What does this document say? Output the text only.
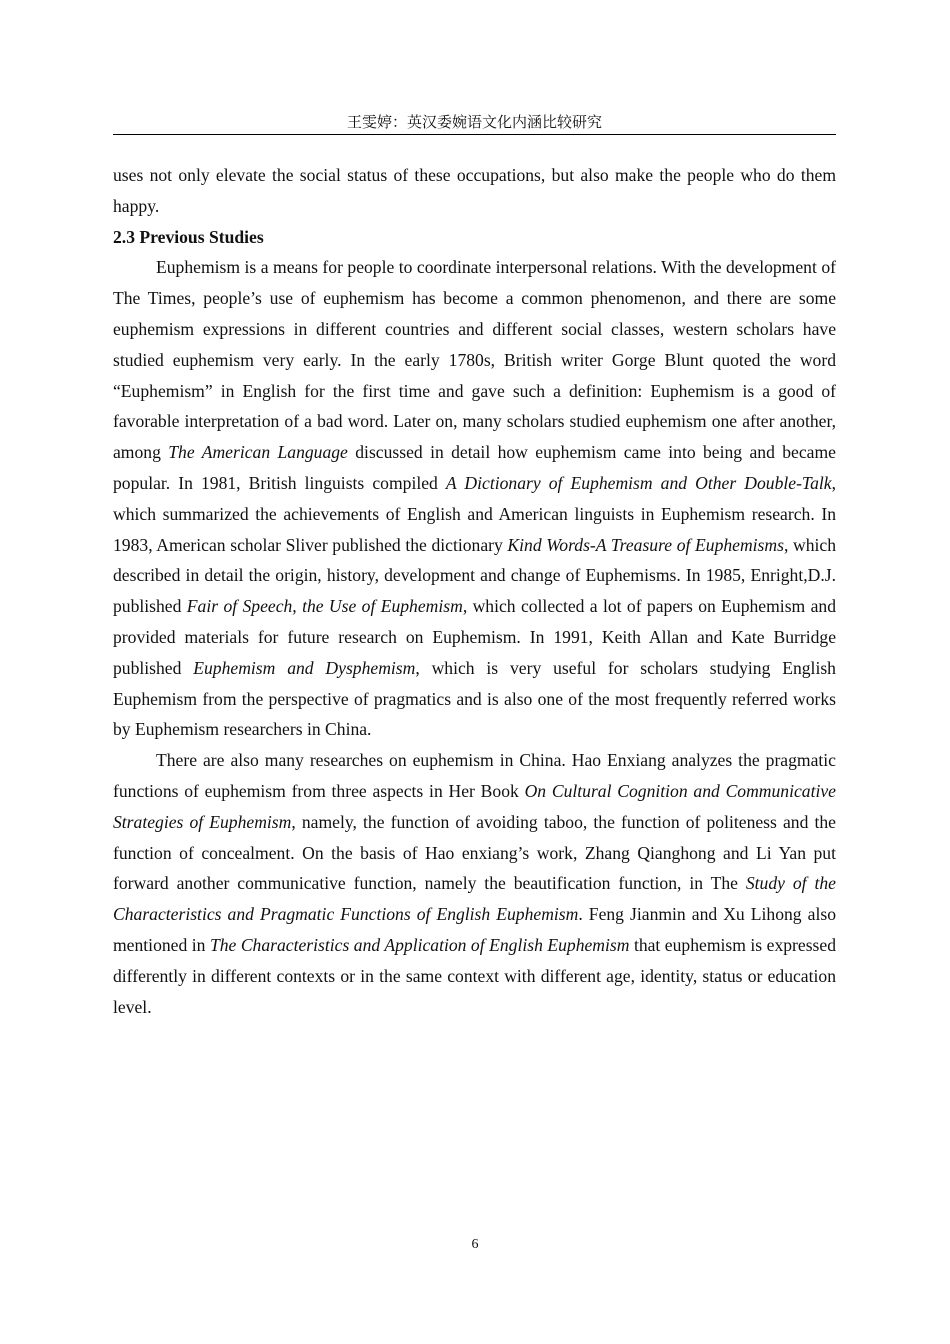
王雯婷：英汉委婉语文化内涵比较研究

uses not only elevate the social status of these occupations, but also make the people who do them happy.

2.3 Previous Studies

Euphemism is a means for people to coordinate interpersonal relations. With the development of The Times, people’s use of euphemism has become a common phenomenon, and there are some euphemism expressions in different countries and different social classes, western scholars have studied euphemism very early. In the early 1780s, British writer Gorge Blunt quoted the word “Euphemism” in English for the first time and gave such a definition: Euphemism is a good of favorable interpretation of a bad word. Later on, many scholars studied euphemism one after another, among The American Language discussed in detail how euphemism came into being and became popular. In 1981, British linguists compiled A Dictionary of Euphemism and Other Double-Talk, which summarized the achievements of English and American linguists in Euphemism research. In 1983, American scholar Sliver published the dictionary Kind Words-A Treasure of Euphemisms, which described in detail the origin, history, development and change of Euphemisms. In 1985, Enright,D.J. published Fair of Speech, the Use of Euphemism, which collected a lot of papers on Euphemism and provided materials for future research on Euphemism. In 1991, Keith Allan and Kate Burridge published Euphemism and Dysphemism, which is very useful for scholars studying English Euphemism from the perspective of pragmatics and is also one of the most frequently referred works by Euphemism researchers in China.

There are also many researches on euphemism in China. Hao Enxiang analyzes the pragmatic functions of euphemism from three aspects in Her Book On Cultural Cognition and Communicative Strategies of Euphemism, namely, the function of avoiding taboo, the function of politeness and the function of concealment. On the basis of Hao enxiang’s work, Zhang Qianghong and Li Yan put forward another communicative function, namely the beautification function, in The Study of the Characteristics and Pragmatic Functions of English Euphemism. Feng Jianmin and Xu Lihong also mentioned in The Characteristics and Application of English Euphemism that euphemism is expressed differently in different contexts or in the same context with different age, identity, status or education level.

6
